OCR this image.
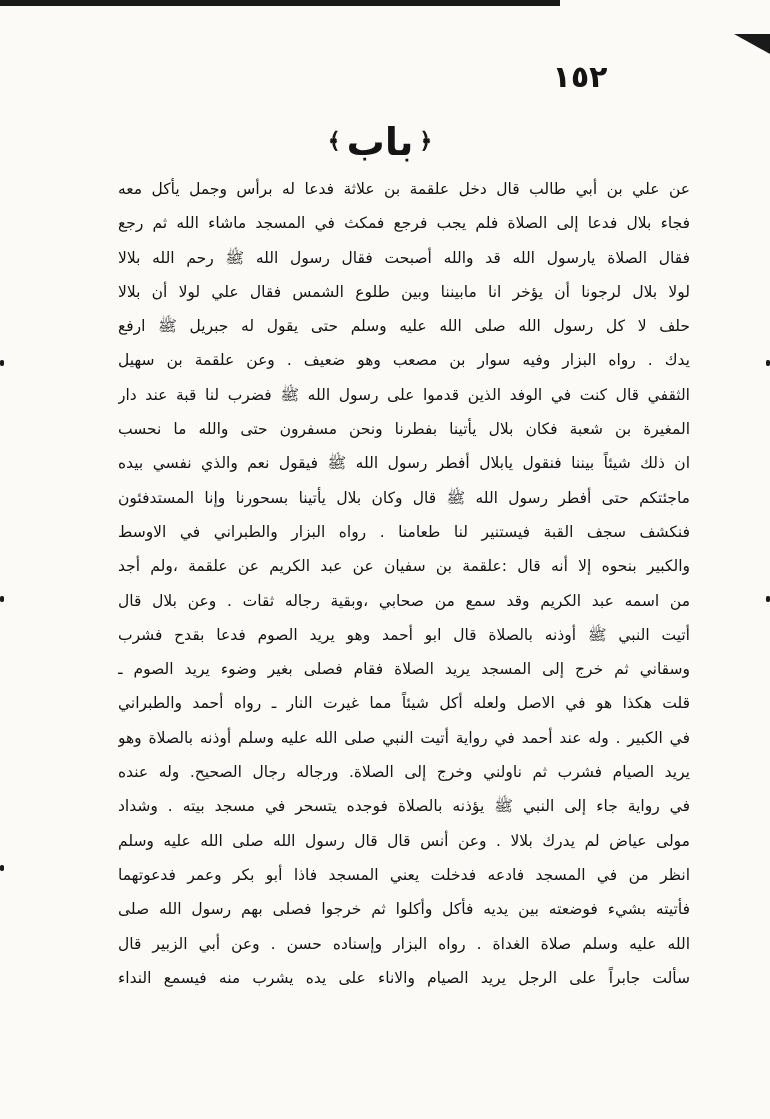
١٥٢
﴿
باب
﴾
عن علي بن أبي طالب قال دخل علقمة بن علاثة فدعا له برأس وجمل يأكل معه
فجاء بلال فدعا إلى الصلاة فلم يجب فرجع فمكث في المسجد ماشاء الله ثم رجع
فقال الصلاة يارسول الله قد والله أصبحت فقال رسول الله ﷺ رحم الله بلالا
لولا بلال لرجونا أن يؤخر انا مابيننا وبين طلوع الشمس فقال علي لولا أن بلالا
حلف لا كل رسول الله صلى الله عليه وسلم حتى يقول له جبريل ﷺ ارفع
يدك . رواه البزار وفيه سوار بن مصعب وهو ضعيف . وعن علقمة بن سهيل
الثقفي قال كنت في الوفد الذين قدموا على رسول الله ﷺ فضرب لنا قبة عند دار
المغيرة بن شعبة فكان بلال يأتينا بفطرنا ونحن مسفرون حتى والله ما نحسب
ان ذلك شيئاً بيننا فنقول يابلال أفطر رسول الله ﷺ فيقول نعم والذي نفسي بيده
ماجئتكم حتى أفطر رسول الله ﷺ قال وكان بلال يأتينا بسحورنا وإنا المستدفئون
فنكشف سجف القبة فيستنير لنا طعامنا . رواه البزار والطبراني في الاوسط
والكبير بنحوه إلا أنه قال :علقمة بن سفيان عن عبد الكريم عن علقمة ،ولم أجد
من اسمه عبد الكريم وقد سمع من صحابي ،وبقية رجاله ثقات . وعن بلال قال
أتيت النبي ﷺ أوذنه بالصلاة قال ابو أحمد وهو يريد الصوم فدعا بقدح فشرب
وسقاني ثم خرج إلى المسجد يريد الصلاة فقام فصلى بغير وضوء يريد الصوم ـ
قلت هكذا هو في الاصل ولعله أكل شيئاً مما غيرت النار ـ رواه أحمد والطبراني
في الكبير . وله عند أحمد في رواية أتيت النبي صلى الله عليه وسلم أوذنه بالصلاة وهو
يريد الصيام فشرب ثم ناولني وخرج إلى الصلاة. ورجاله رجال الصحيح. وله عنده
في رواية جاء إلى النبي ﷺ يؤذنه بالصلاة فوجده يتسحر في مسجد بيته . وشداد
مولى عياض لم يدرك بلالا . وعن أنس قال قال رسول الله صلى الله عليه وسلم
انظر من في المسجد فادعه فدخلت يعني المسجد فاذا أبو بكر وعمر فدعوتهما
فأتيته بشيء فوضعته بين يديه فأكل وأكلوا ثم خرجوا فصلى بهم رسول الله صلى
الله عليه وسلم صلاة الغداة . رواه البزار وإسناده حسن . وعن أبي الزبير قال
سألت جابراً على الرجل يريد الصيام والاناء على يده يشرب منه فيسمع النداء
